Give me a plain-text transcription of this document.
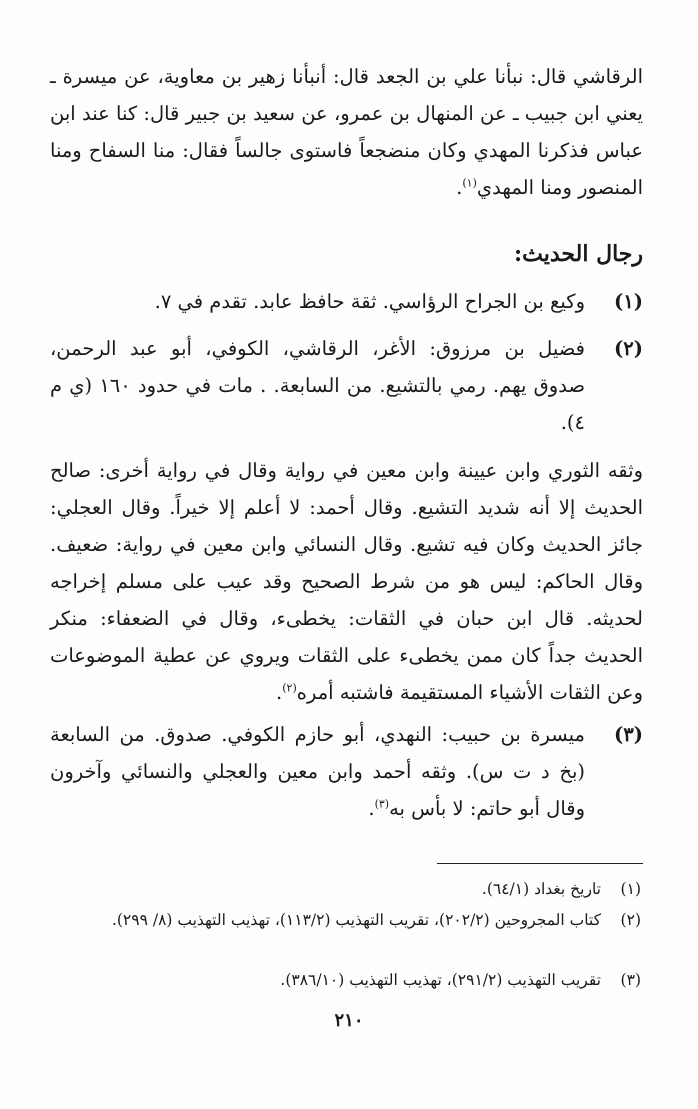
الرقاشي قال: نبأنا علي بن الجعد قال: أنبأنا زهير بن معاوية، عن ميسرة ـ يعني ابن جبيب ـ عن المنهال بن عمرو، عن سعيد بن جبير قال: كنا عند ابن عباس فذكرنا المهدي وكان منضجعاً فاستوى جالساً فقال: منا السفاح ومنا المنصور ومنا المهدي$^{(١)}$.
رجال الحديث:
(١)
وكيع بن الجراح الرؤاسي. ثقة حافظ عابد. تقدم في ٧.
(٢)
فضيل بن مرزوق: الأغر، الرقاشي، الكوفي، أبو عبد الرحمن، صدوق يهم. رمي بالتشيع. من السابعة. . مات في حدود ١٦٠ (ي م ٤).
وثقه الثوري وابن عيينة وابن معين في رواية وقال في رواية أخرى: صالح الحديث إلا أنه شديد التشيع. وقال أحمد: لا أعلم إلا خيراً. وقال العجلي: جائز الحديث وكان فيه تشيع. وقال النسائي وابن معين في رواية: ضعيف. وقال الحاكم: ليس هو من شرط الصحيح وقد عيب على مسلم إخراجه لحديثه. قال ابن حبان في الثقات: يخطىء، وقال في الضعفاء: منكر الحديث جداً كان ممن يخطىء على الثقات ويروي عن عطية الموضوعات وعن الثقات الأشياء المستقيمة فاشتبه أمره$^{(٢)}$.
(٣)
ميسرة بن حبيب: النهدي، أبو حازم الكوفي. صدوق. من السابعة (بخ د ت س). وثقه أحمد وابن معين والعجلي والنسائي وآخرون وقال أبو حاتم: لا بأس به$^{(٣)}$.
(١)
تاريخ بغداد (٦٤/١).
(٢)
كتاب المجروحين (٢٠٢/٢)، تقريب التهذيب (١١٣/٢)، تهذيب التهذيب (٨/ ٢٩٩).
(٣)
تقريب التهذيب (٢٩١/٢)، تهذيب التهذيب (٣٨٦/١٠).
٢١٠
